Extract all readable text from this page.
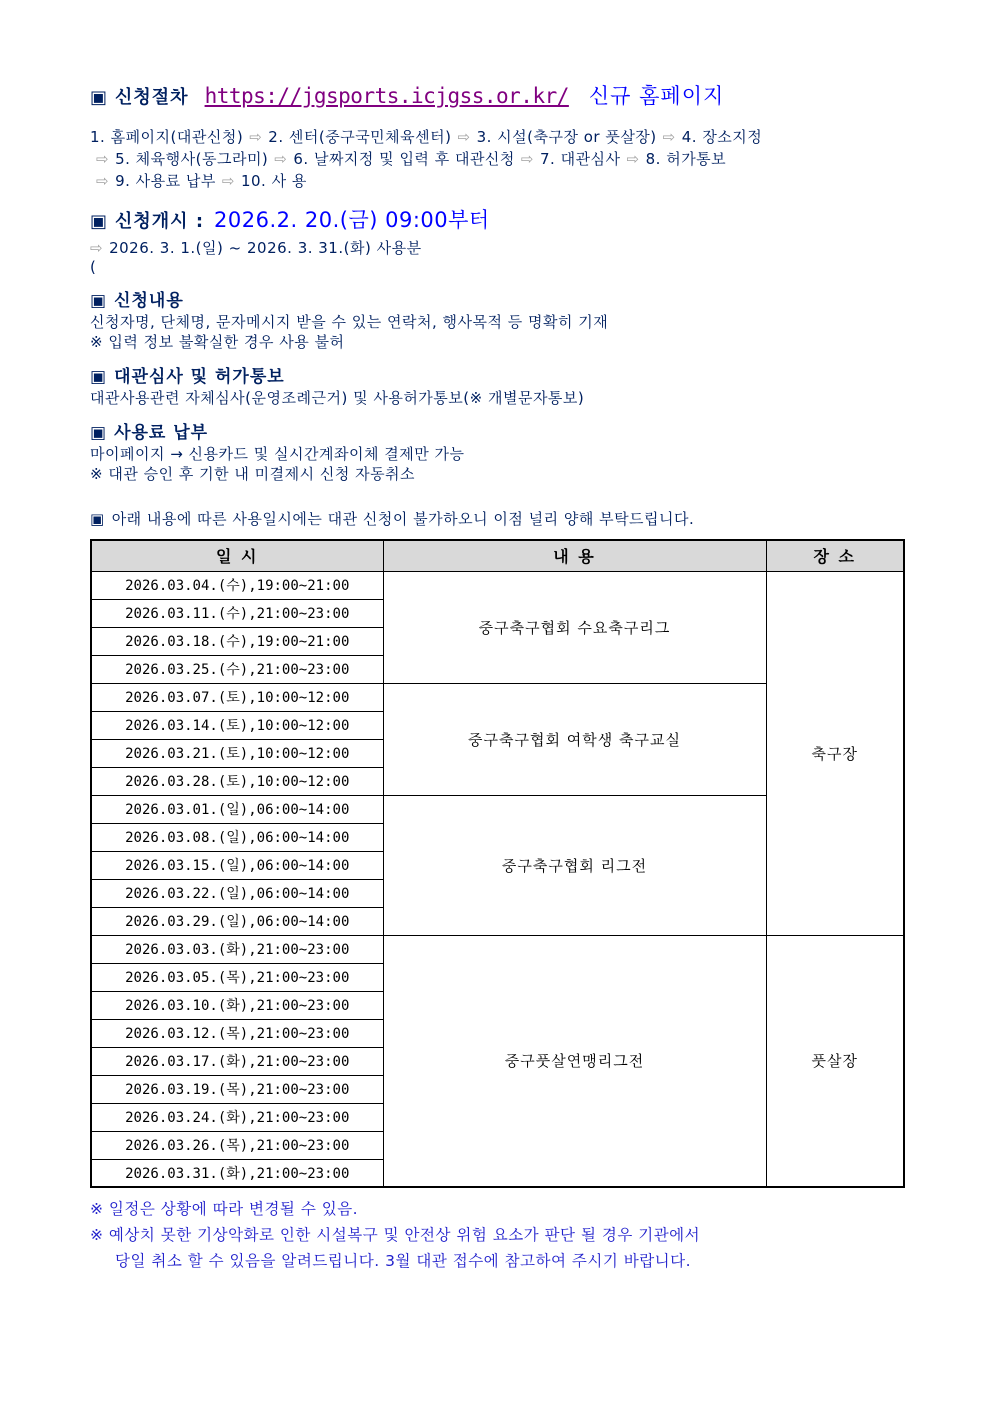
▣ 신청절차 https://jgsports.icjgss.or.kr/ 신규 홈페이지
1. 홈페이지(대관신청) ⇨ 2. 센터(중구국민체육센터) ⇨ 3. 시설(축구장 or 풋살장) ⇨ 4. 장소지정
⇨ 5. 체육행사(동그라미) ⇨ 6. 날짜지정 및 입력 후 대관신청 ⇨ 7. 대관심사 ⇨ 8. 허가통보
⇨ 9. 사용료 납부 ⇨ 10. 사 용
▣ 신청개시 : 2026.2. 20.(금) 09:00부터
⇨ 2026. 3. 1.(일) ~ 2026. 3. 31.(화) 사용분
(
▣ 신청내용
신청자명, 단체명, 문자메시지 받을 수 있는 연락처, 행사목적 등 명확히 기재
※ 입력 정보 불확실한 경우 사용 불허
▣ 대관심사 및 허가통보
대관사용관련 자체심사(운영조례근거) 및 사용허가통보(※ 개별문자통보)
▣ 사용료 납부
마이페이지 → 신용카드 및 실시간계좌이체 결제만 가능
※ 대관 승인 후 기한 내 미결제시 신청 자동취소
▣ 아래 내용에 따른 사용일시에는 대관 신청이 불가하오니 이점 널리 양해 부탁드립니다.
일 시	내 용	장 소
2026.03.04.(수),19:00~21:00	중구축구협회 수요축구리그	축구장
2026.03.11.(수),21:00~23:00		
2026.03.18.(수),19:00~21:00		
2026.03.25.(수),21:00~23:00		
2026.03.07.(토),10:00~12:00	중구축구협회 여학생 축구교실	
2026.03.14.(토),10:00~12:00		
2026.03.21.(토),10:00~12:00		
2026.03.28.(토),10:00~12:00		
2026.03.01.(일),06:00~14:00	중구축구협회 리그전	
2026.03.08.(일),06:00~14:00		
2026.03.15.(일),06:00~14:00		
2026.03.22.(일),06:00~14:00		
2026.03.29.(일),06:00~14:00		
2026.03.03.(화),21:00~23:00	중구풋살연맹리그전	풋살장
2026.03.05.(목),21:00~23:00		
2026.03.10.(화),21:00~23:00		
2026.03.12.(목),21:00~23:00		
2026.03.17.(화),21:00~23:00		
2026.03.19.(목),21:00~23:00		
2026.03.24.(화),21:00~23:00		
2026.03.26.(목),21:00~23:00		
2026.03.31.(화),21:00~23:00		
※ 일정은 상황에 따라 변경될 수 있음.
※ 예상치 못한 기상악화로 인한 시설복구 및 안전상 위험 요소가 판단 될 경우 기관에서
당일 취소 할 수 있음을 알려드립니다. 3월 대관 접수에 참고하여 주시기 바랍니다.
